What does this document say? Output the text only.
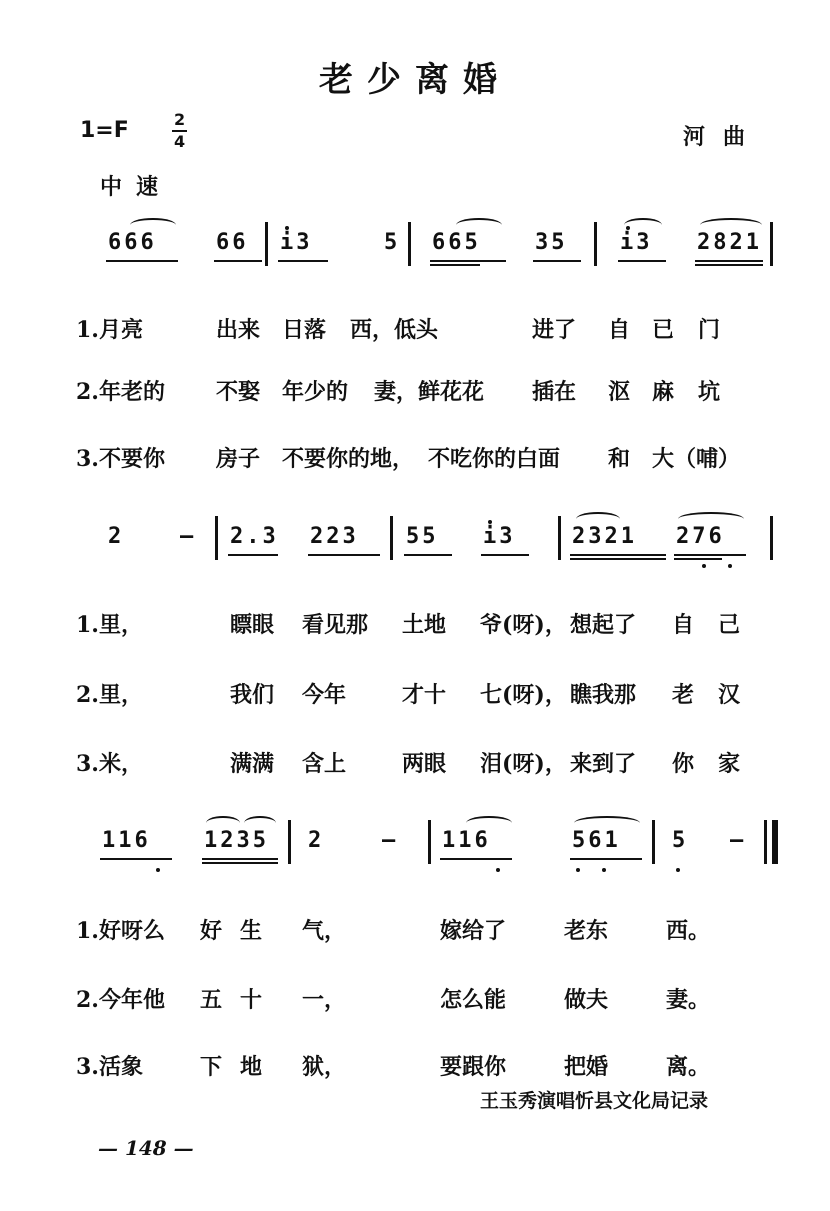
老少离婚
1=F	2
4	河曲
中速
666	66 i3	5 665 35 i3 2821
1.月亮	出来 日落 西，低头	进了 自 已 门
2.年老的 不娶 年少的 妻，鲜花花 插在 沤 麻 坑
3.不要你 房子 不要你的地， 不吃你的白面 和 大（哺）
2	— 2.3 223 55 i3	2321 276
1.里，	瞟眼 看见那 土地 爷(呀)， 想起了 自 己
2.里，	我们 今年	才十 七(呀)， 瞧我那 老 汉
3.米，	满满 含上	两眼 泪(呀)， 来到了 你 家
116 1235 2	— 116	561 5 —
1.好呀么 好 生 气，	嫁给了	老东	西。
2.今年他 五 十 一，	怎么能	做夫	妻。
3.活象	下 地 狱，	要跟你	把婚	离。
王玉秀演唱忻县文化局记录
— 148 —
